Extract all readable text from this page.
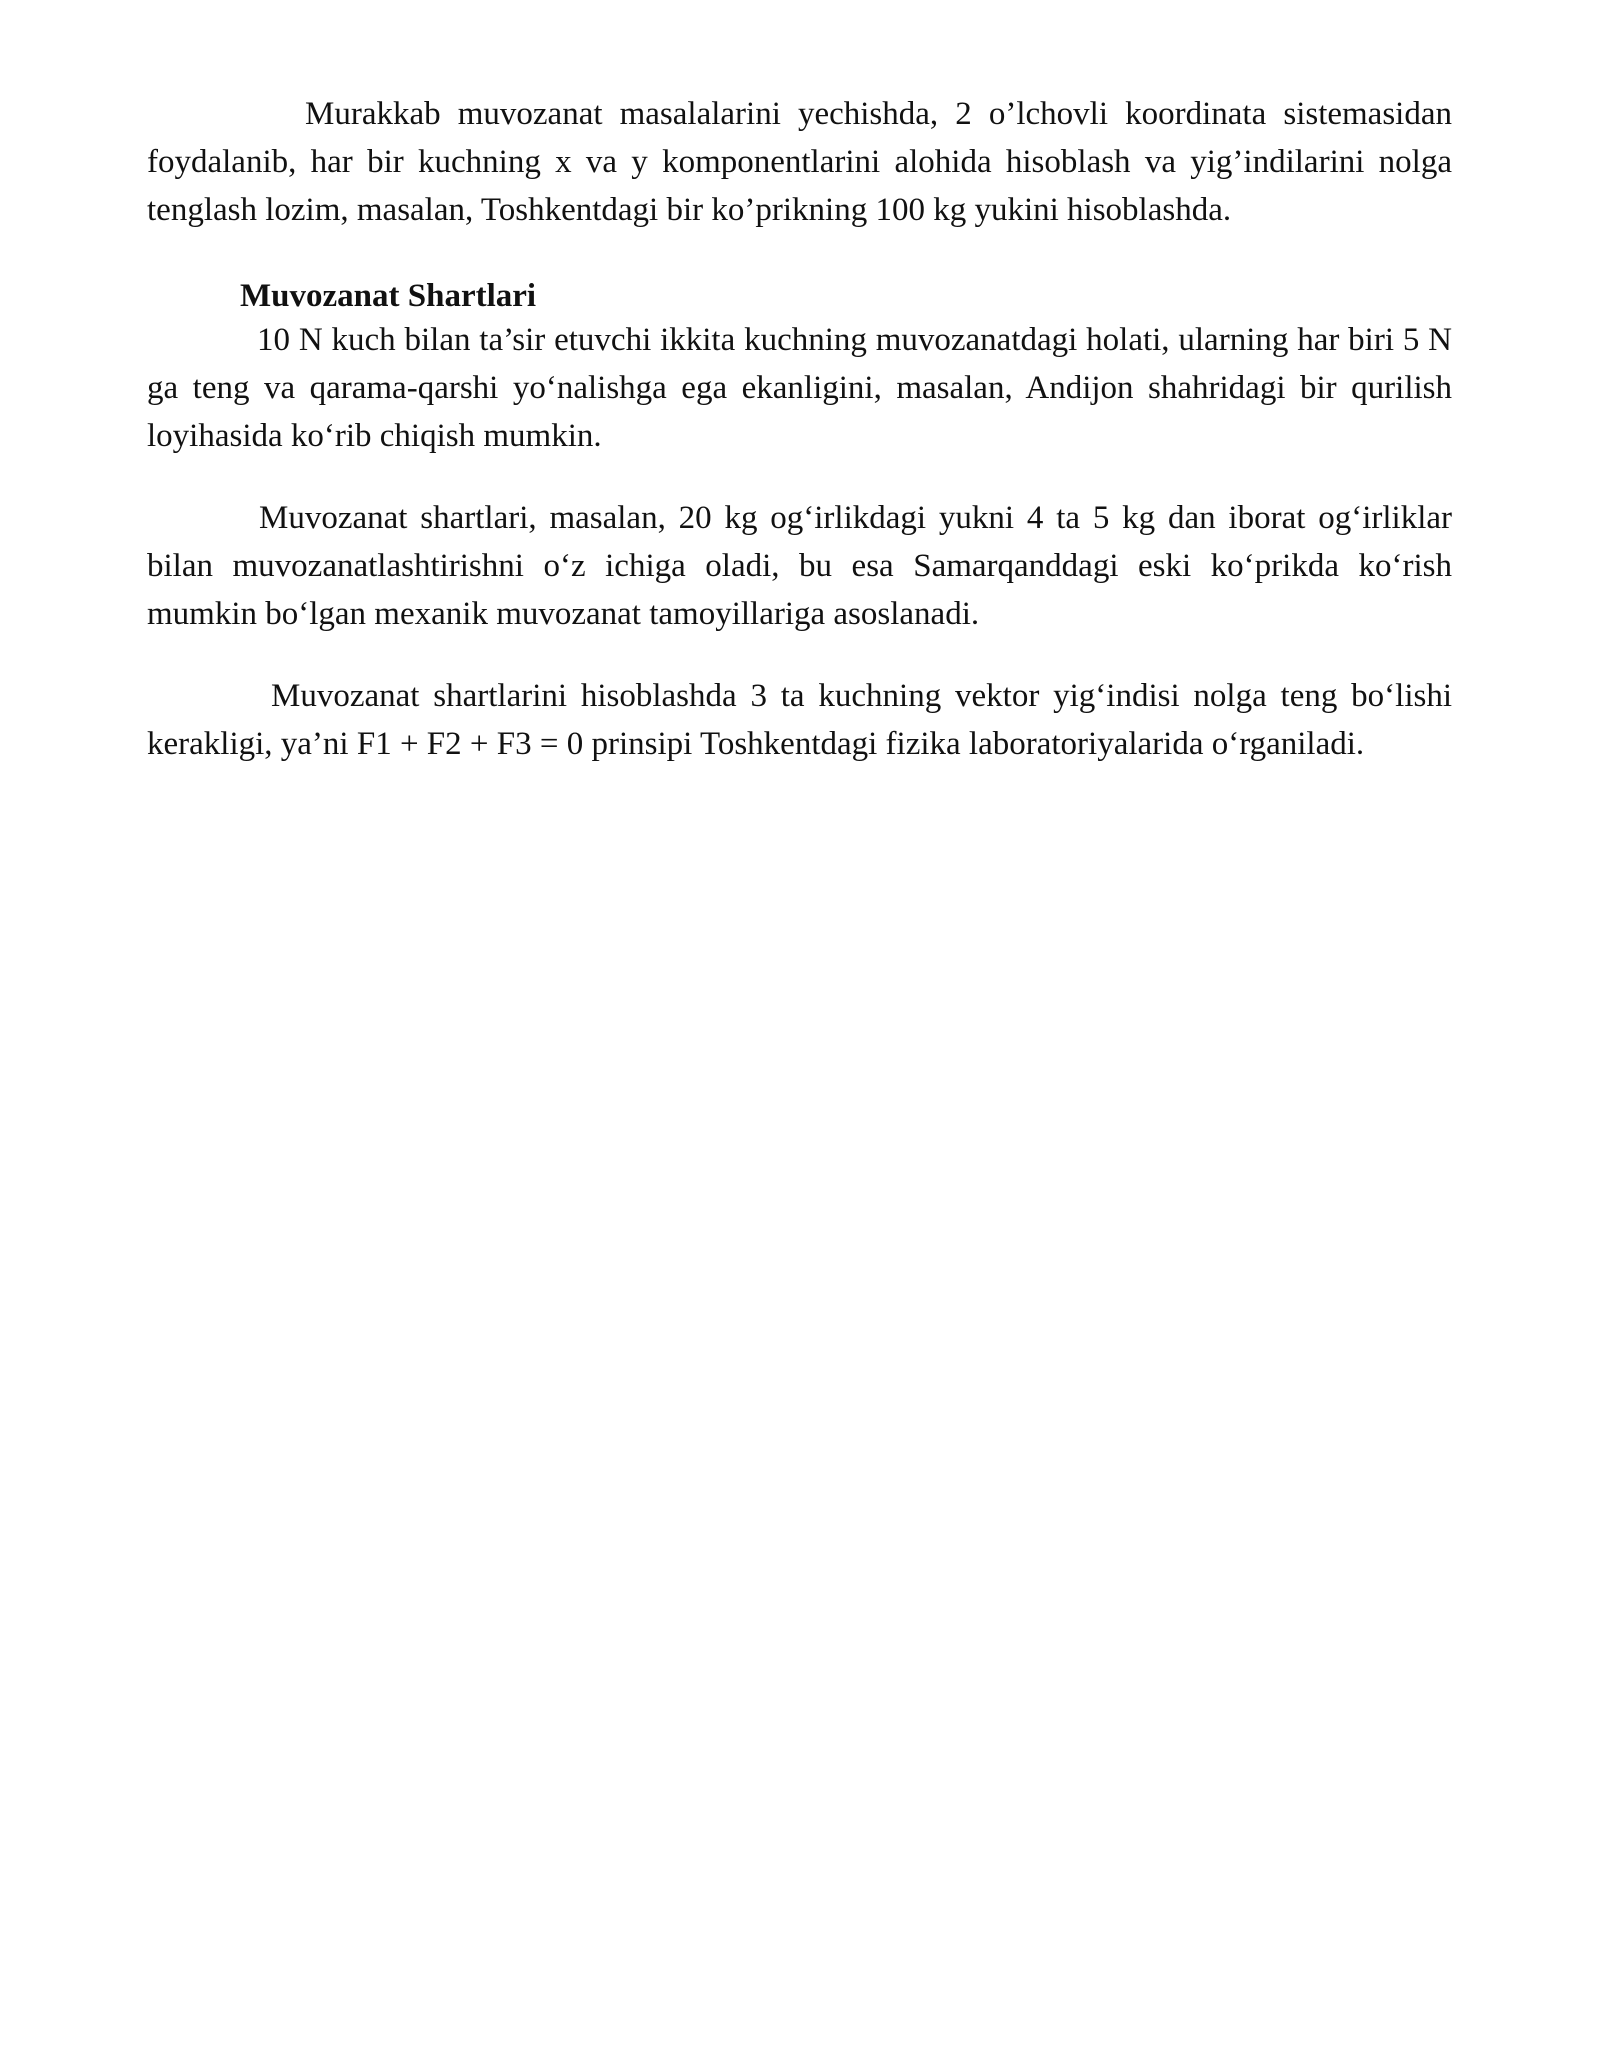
Murakkab muvozanat masalalarini yechishda, 2 o’lchovli koordinata sistemasidan foydalanib, har bir kuchning x va y komponentlarini alohida hisoblash va yig’indilarini nolga tenglash lozim, masalan, Toshkentdagi bir ko’prikning 100 kg yukini hisoblashda.

Muvozanat Shartlari

10 N kuch bilan ta’sir etuvchi ikkita kuchning muvozanatdagi holati, ularning har biri 5 N ga teng va qarama-qarshi yo‘nalishga ega ekanligini, masalan, Andijon shahridagi bir qurilish loyihasida ko‘rib chiqish mumkin.

Muvozanat shartlari, masalan, 20 kg og‘irlikdagi yukni 4 ta 5 kg dan iborat og‘irliklar bilan muvozanatlashtirishni o‘z ichiga oladi, bu esa Samarqanddagi eski ko‘prikda ko‘rish mumkin bo‘lgan mexanik muvozanat tamoyillariga asoslanadi.

Muvozanat shartlarini hisoblashda 3 ta kuchning vektor yig‘indisi nolga teng bo‘lishi kerakligi, ya’ni F1 + F2 + F3 = 0 prinsipi Toshkentdagi fizika laboratoriyalarida o‘rganiladi.
